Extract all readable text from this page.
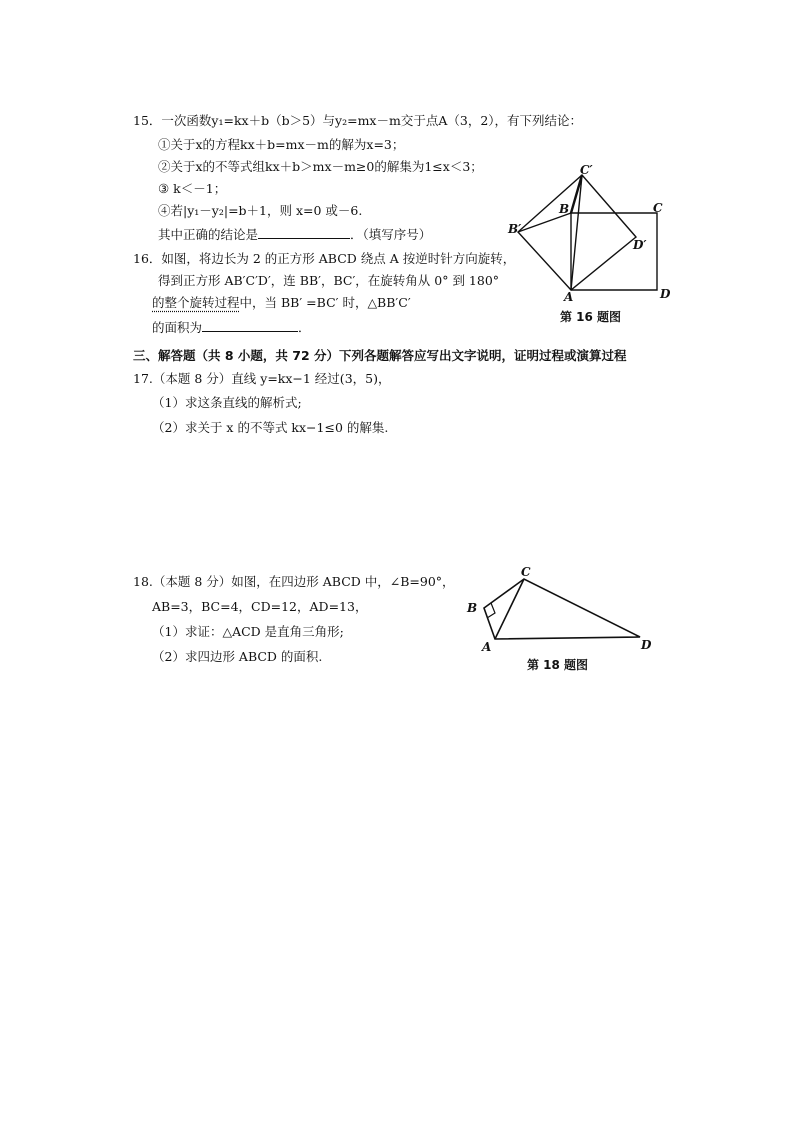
15．一次函数y₁=kx＋b（b＞5）与y₂=mx－m交于点A（3，2），有下列结论：
①关于x的方程kx＋b=mx－m的解为x=3；
②关于x的不等式组kx＋b＞mx－m≥0的解集为1≤x＜3；
③ k＜－1；
④若|y₁－y₂|=b＋1，则 x=0 或－6.
其中正确的结论是	．（填写序号）
16．如图，将边长为 2 的正方形 ABCD 绕点 A 按逆时针方向旋转，
得到正方形 AB′C′D′，连 BB′，BC′，在旋转角从 0° 到 180°
的整个旋转过程中，当 BB′ =BC′ 时，△BB′C′
的面积为	．
C′
B	C
B′
D′
A	D
第 16 题图
三、解答题（共 8 小题，共 72 分）下列各题解答应写出文字说明，证明过程或演算过程
17.（本题 8 分）直线 y=kx−1 经过(3，5)，
（1）求这条直线的解析式;
（2）求关于 x 的不等式 kx−1≤0 的解集.
18.（本题 8 分）如图，在四边形 ABCD 中，∠B=90°，
AB=3，BC=4，CD=12，AD=13，
（1）求证：△ACD 是直角三角形;
（2）求四边形 ABCD 的面积.
C
B
A	D
第 18 题图
